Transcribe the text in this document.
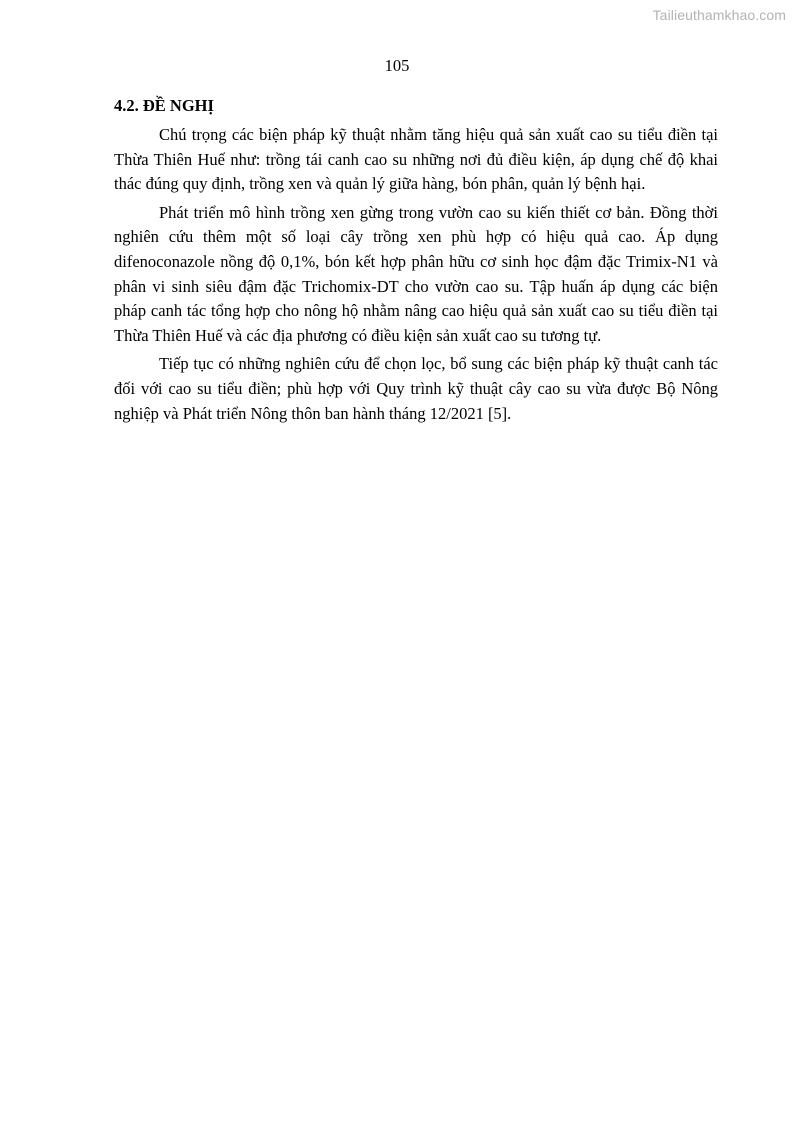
Tailieuthamkhao.com
105
4.2. ĐỀ NGHỊ

Chú trọng các biện pháp kỹ thuật nhằm tăng hiệu quả sản xuất cao su tiểu điền tại Thừa Thiên Huế như: trồng tái canh cao su những nơi đủ điều kiện, áp dụng chế độ khai thác đúng quy định, trồng xen và quản lý giữa hàng, bón phân, quản lý bệnh hại.

Phát triển mô hình trồng xen gừng trong vườn cao su kiến thiết cơ bản. Đồng thời nghiên cứu thêm một số loại cây trồng xen phù hợp có hiệu quả cao. Áp dụng difenoconazole nồng độ 0,1%, bón kết hợp phân hữu cơ sinh học đậm đặc Trimix-N1 và phân vi sinh siêu đậm đặc Trichomix-DT cho vườn cao su. Tập huấn áp dụng các biện pháp canh tác tổng hợp cho nông hộ nhằm nâng cao hiệu quả sản xuất cao su tiểu điền tại Thừa Thiên Huế và các địa phương có điều kiện sản xuất cao su tương tự.

Tiếp tục có những nghiên cứu để chọn lọc, bổ sung các biện pháp kỹ thuật canh tác đối với cao su tiểu điền; phù hợp với Quy trình kỹ thuật cây cao su vừa được Bộ Nông nghiệp và Phát triển Nông thôn ban hành tháng 12/2021 [5].
